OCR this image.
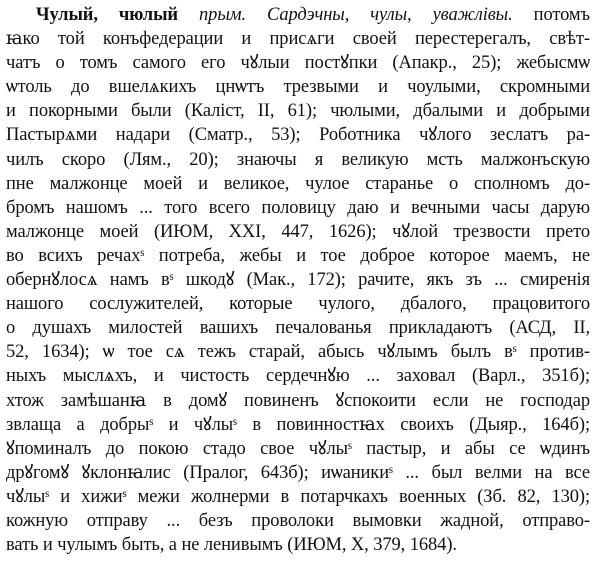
Чулый, чюлый прым. Сардэчны, чулы, уважлівы. потомъ
ꙗко той конъфедерации и присѧги своей перестерегалъ, свѣт-
чатъ о томъ самого его чꙋлыи постꙋпки (Апакр., 25); жебысмѡ
ѡтоль до вшелѧкихъ цнѡтъ трезвыми и чоулыми, скромными
и покорными были (Каліст, II, 61); чюлыми, дбалыми и добрыми
Пастырѧми надари (Сматр., 53); Роботника чꙋлого зеслатъ ра-
чилъ скоро (Лям., 20); знаючы я великую мсть малжонъскую
пне малжонце моей и великое, чулое старанье о сполномъ до-
бромъ нашомъ ... того всего половицу даю и вечными часы дарую
малжонце моей (ИЮМ, XXI, 447, 1626); чꙋлой трезвости прето
во всихъ речахˢ потреба, жебы и тое доброе которое маемъ, не
обернꙋлосѧ намъ вˢ шкодꙋ (Мак., 172); рачите, якъ зъ ... смиренія
нашого сослужителей, которые чулого, дбалого, працовитого
о душахъ милостей вашихъ печалованья прикладаютъ (АСД, II,
52, 1634); ѡ тое сѧ тежъ старай, абысь чꙋлымъ былъ вˢ против-
ныхъ мыслѧхъ, и чистость сердечнꙋю ... заховал (Варл., 351б);
хтож замѣшанꙗ в домꙋ повиненъ ꙋспокоити если не господар
звлаща а добрыˢ и чꙋлыˢ в повинностꙗх своихъ (Дыяр., 164б);
ꙋпоминалъ до покою стадо свое чꙋлыˢ пастыр, и абы се ѡдинъ
дрꙋгомꙋ ꙋклонꙗлис (Пралог, 643б); иѡаникиˢ ... был велми на все
чꙋлыˢ и хижиˢ межи жолнерми в потарчкахъ военных (Зб. 82, 130);
кожную отправу ... безъ проволоки вымовки жадной, отправо-
вать и чулымъ быть, а не ленивымъ (ИЮМ, X, 379, 1684).
